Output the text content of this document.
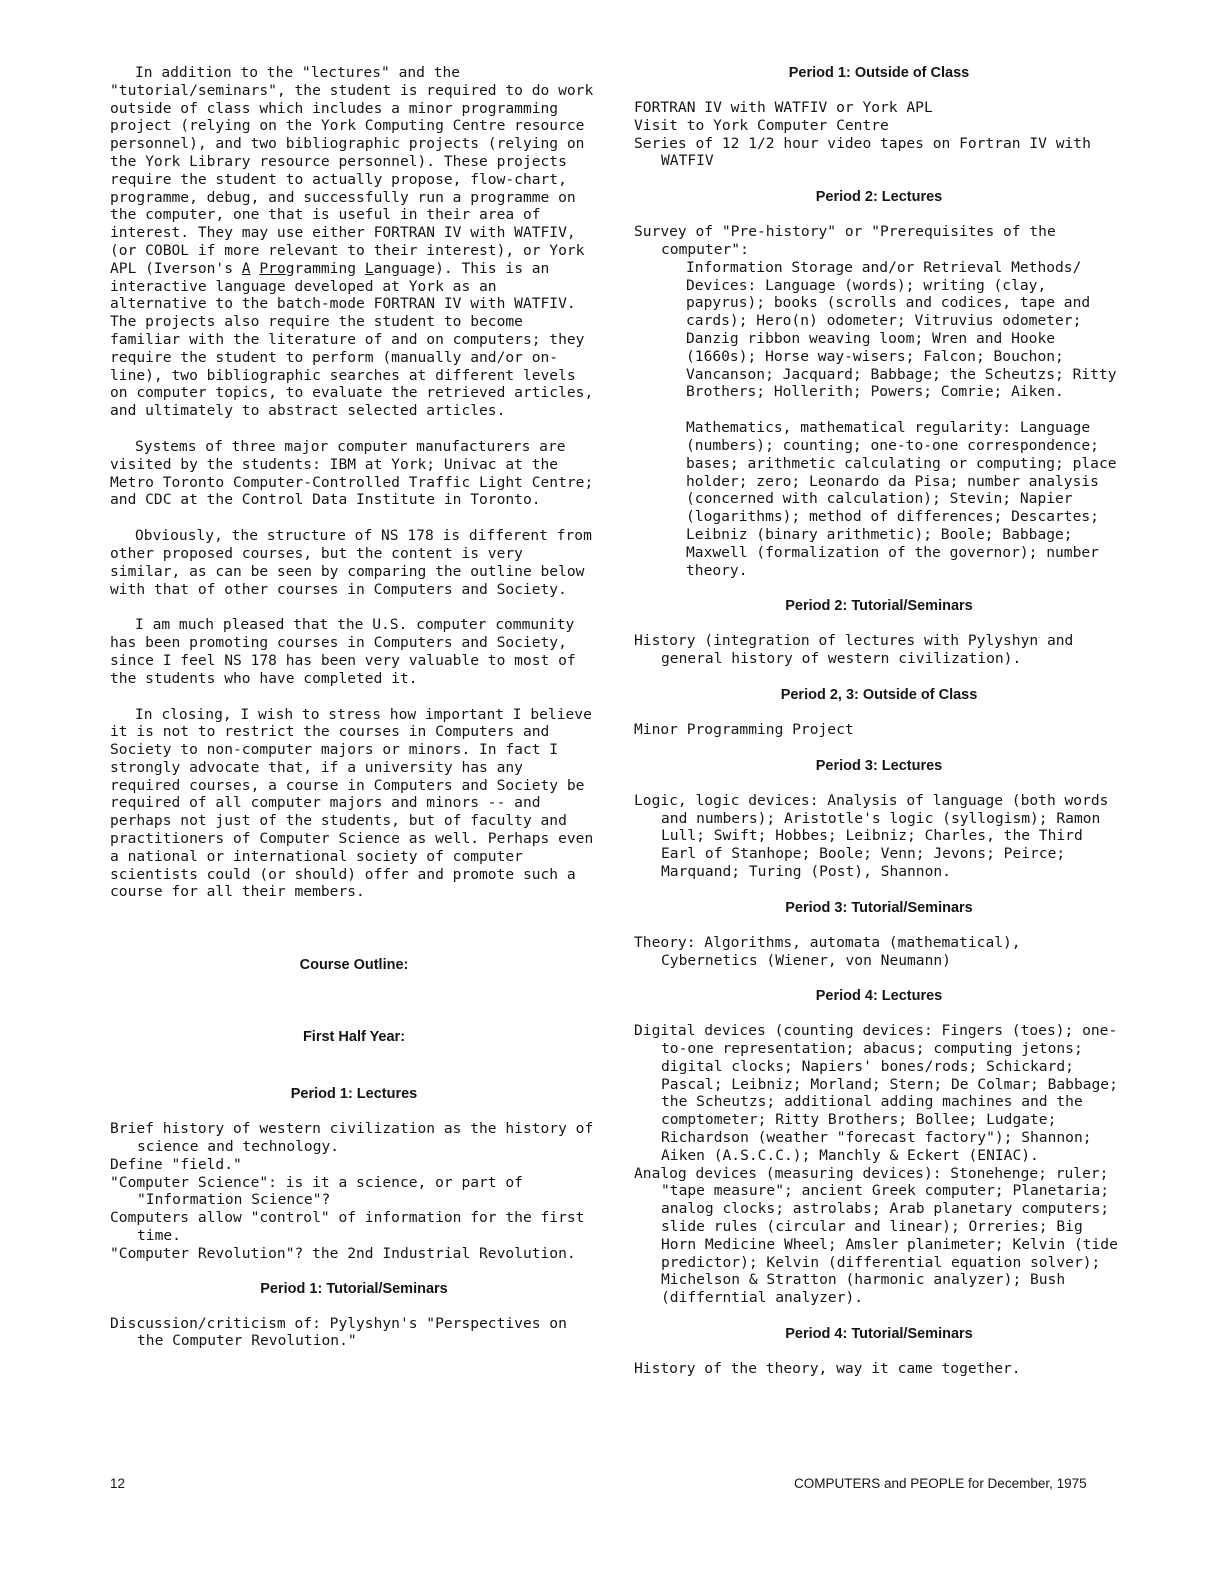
In addition to the "lectures" and the "tutorial/seminars", the student is required to do work outside of class which includes a minor programming project (relying on the York Computing Centre resource personnel), and two bibliographic projects (relying on the York Library resource personnel). These projects require the student to actually propose, flow-chart, programme, debug, and successfully run a programme on the computer, one that is useful in their area of interest. They may use either FORTRAN IV with WATFIV, (or COBOL if more relevant to their interest), or York APL (Iverson's A Programming Language). This is an interactive language developed at York as an alternative to the batch-mode FORTRAN IV with WATFIV. The projects also require the student to become familiar with the literature of and on computers; they require the student to perform (manually and/or on-line), two bibliographic searches at different levels on computer topics, to evaluate the retrieved articles, and ultimately to abstract selected articles.

Systems of three major computer manufacturers are visited by the students: IBM at York; Univac at the Metro Toronto Computer-Controlled Traffic Light Centre; and CDC at the Control Data Institute in Toronto.

Obviously, the structure of NS 178 is different from other proposed courses, but the content is very similar, as can be seen by comparing the outline below with that of other courses in Computers and Society.

I am much pleased that the U.S. computer community has been promoting courses in Computers and Society, since I feel NS 178 has been very valuable to most of the students who have completed it.

In closing, I wish to stress how important I believe it is not to restrict the courses in Computers and Society to non-computer majors or minors. In fact I strongly advocate that, if a university has any required courses, a course in Computers and Society be required of all computer majors and minors -- and perhaps not just of the students, but of faculty and practitioners of Computer Science as well. Perhaps even a national or international society of computer scientists could (or should) offer and promote such a course for all their members.

Course Outline:
First Half Year:
Period 1: Lectures
Brief history of western civilization as the history of science and technology.
Define "field."
"Computer Science": is it a science, or part of "Information Science"?
Computers allow "control" of information for the first time.
"Computer Revolution"? the 2nd Industrial Revolution.
Period 1: Tutorial/Seminars
Discussion/criticism of: Pylyshyn's "Perspectives on the Computer Revolution."
Period 1: Outside of Class
FORTRAN IV with WATFIV or York APL
Visit to York Computer Centre
Series of 12 1/2 hour video tapes on Fortran IV with WATFIV
Period 2: Lectures
Survey of "Pre-history" or "Prerequisites of the computer":
Information Storage and/or Retrieval Methods/ Devices: Language (words); writing (clay, papyrus); books (scrolls and codices, tape and cards); Hero(n) odometer; Vitruvius odometer; Danzig ribbon weaving loom; Wren and Hooke (1660s); Horse way-wisers; Falcon; Bouchon; Vancanson; Jacquard; Babbage; the Scheutzs; Ritty Brothers; Hollerith; Powers; Comrie; Aiken.
Mathematics, mathematical regularity: Language (numbers); counting; one-to-one correspondence; bases; arithmetic calculating or computing; place holder; zero; Leonardo da Pisa; number analysis (concerned with calculation); Stevin; Napier (logarithms); method of differences; Descartes; Leibniz (binary arithmetic); Boole; Babbage; Maxwell (formalization of the governor); number theory.
Period 2: Tutorial/Seminars
History (integration of lectures with Pylyshyn and general history of western civilization).
Period 2, 3: Outside of Class
Minor Programming Project
Period 3: Lectures
Logic, logic devices: Analysis of language (both words and numbers); Aristotle's logic (syllogism); Ramon Lull; Swift; Hobbes; Leibniz; Charles, the Third Earl of Stanhope; Boole; Venn; Jevons; Peirce; Marquand; Turing (Post), Shannon.
Period 3: Tutorial/Seminars
Theory: Algorithms, automata (mathematical), Cybernetics (Wiener, von Neumann)
Period 4: Lectures
Digital devices (counting devices: Fingers (toes); one-to-one representation; abacus; computing jetons; digital clocks; Napiers' bones/rods; Schickard; Pascal; Leibniz; Morland; Stern; De Colmar; Babbage; the Scheutzs; additional adding machines and the comptometer; Ritty Brothers; Bollee; Ludgate; Richardson (weather "forecast factory"); Shannon; Aiken (A.S.C.C.); Manchly & Eckert (ENIAC).
Analog devices (measuring devices): Stonehenge; ruler; "tape measure"; ancient Greek computer; Planetaria; analog clocks; astrolabs; Arab planetary computers; slide rules (circular and linear); Orreries; Big Horn Medicine Wheel; Amsler planimeter; Kelvin (tide predictor); Kelvin (differential equation solver); Michelson & Stratton (harmonic analyzer); Bush (differntial analyzer).
Period 4: Tutorial/Seminars
History of the theory, way it came together.
12	COMPUTERS and PEOPLE for December, 1975
